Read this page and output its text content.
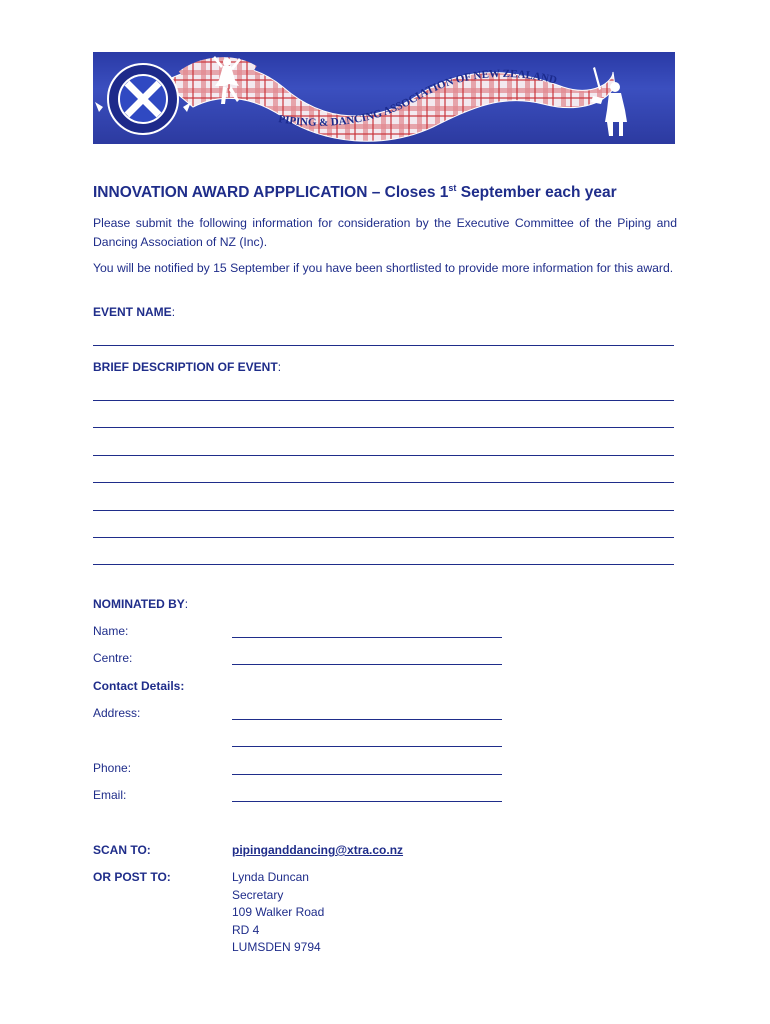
PIPING & DANCING ASSOCIATION OF NEW ZEALAND
INNOVATION AWARD APPPLICATION – Closes 1st September each year
Please submit the following information for consideration by the Executive Committee of the Piping and Dancing Association of NZ (Inc).
You will be notified by 15 September if you have been shortlisted to provide more information for this award.
EVENT NAME:
BRIEF DESCRIPTION OF EVENT:
NOMINATED BY:
Name:
Centre:
Contact Details:
Address:
Phone:
Email:
SCAN TO:	pipinganddancing@xtra.co.nz
OR POST TO:	Lynda Duncan
Secretary
109 Walker Road
RD 4
LUMSDEN 9794
